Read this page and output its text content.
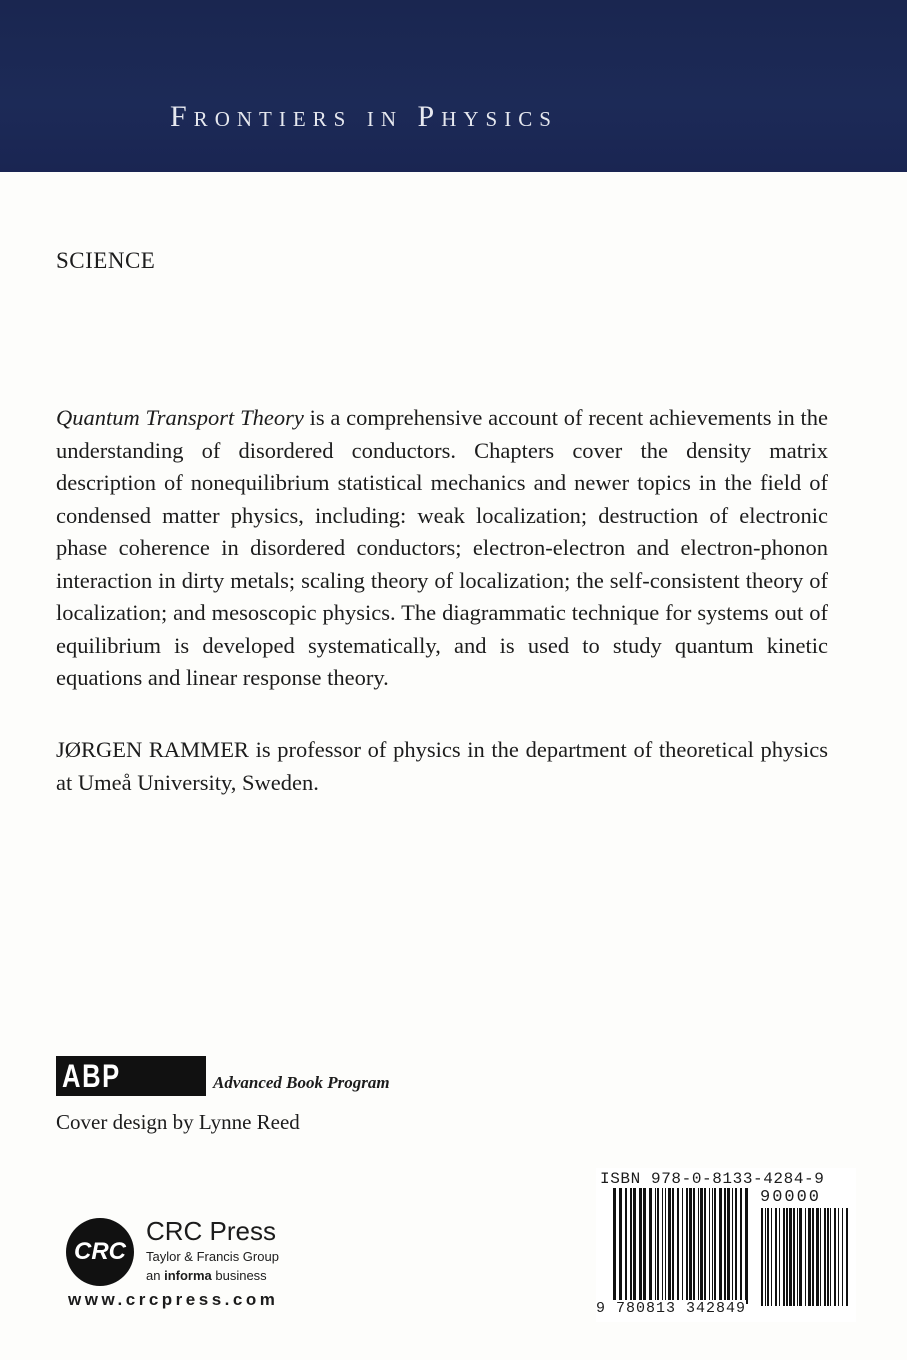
Frontiers in Physics
SCIENCE
Quantum Transport Theory is a comprehensive account of recent achievements in the understanding of disordered conductors. Chapters cover the density matrix description of nonequilibrium statistical mechanics and newer topics in the field of condensed matter physics, including: weak localization; destruction of electronic phase coherence in disordered conductors; electron-electron and electron-phonon interaction in dirty metals; scaling theory of localization; the self-consistent theory of localization; and mesoscopic physics. The diagrammatic technique for systems out of equilibrium is developed systematically, and is used to study quantum kinetic equations and linear response theory.
JØRGEN RAMMER is professor of physics in the department of theoretical physics at Umeå University, Sweden.
ABP	Advanced Book Program
Cover design by Lynne Reed
CRC
CRC Press
Taylor & Francis Group
an informa business
www.crcpress.com
ISBN 978-0-8133-4284-9
90000
9 780813 342849
